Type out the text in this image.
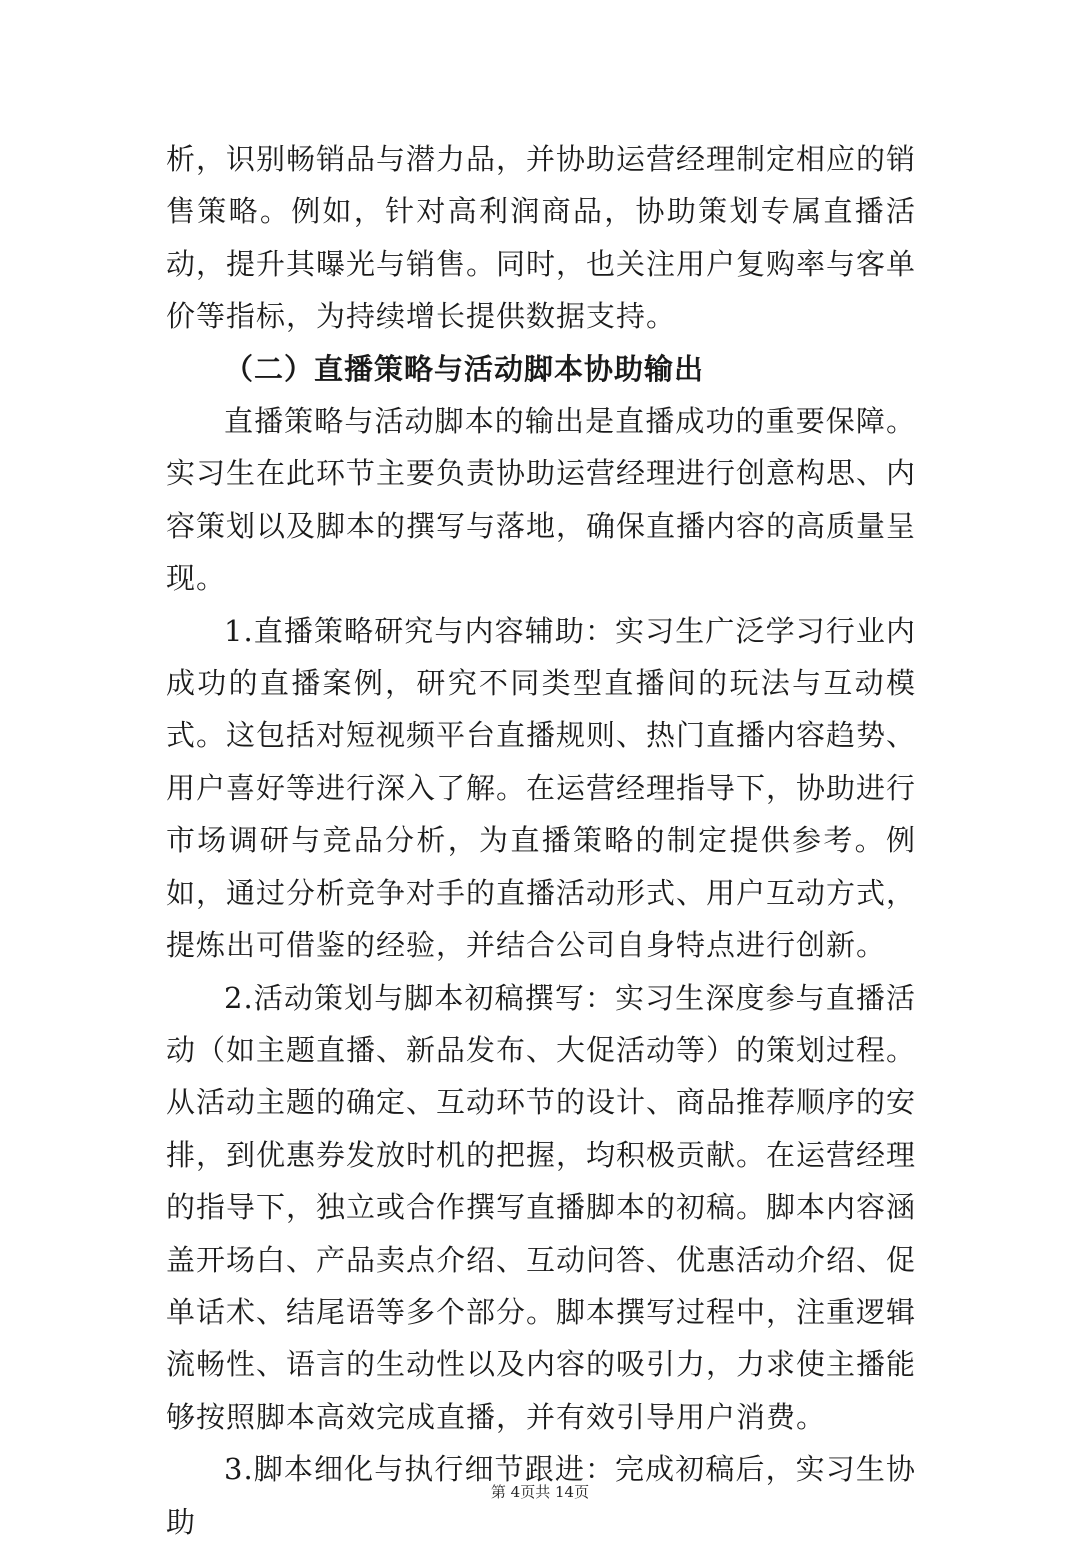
析，识别畅销品与潜力品，并协助运营经理制定相应的销售策略。例如，针对高利润商品，协助策划专属直播活动，提升其曝光与销售。同时，也关注用户复购率与客单价等指标，为持续增长提供数据支持。

（二）直播策略与活动脚本协助输出

直播策略与活动脚本的输出是直播成功的重要保障。实习生在此环节主要负责协助运营经理进行创意构思、内容策划以及脚本的撰写与落地，确保直播内容的高质量呈现。

1.直播策略研究与内容辅助：实习生广泛学习行业内成功的直播案例，研究不同类型直播间的玩法与互动模式。这包括对短视频平台直播规则、热门直播内容趋势、用户喜好等进行深入了解。在运营经理指导下，协助进行市场调研与竞品分析，为直播策略的制定提供参考。例如，通过分析竞争对手的直播活动形式、用户互动方式，提炼出可借鉴的经验，并结合公司自身特点进行创新。

2.活动策划与脚本初稿撰写：实习生深度参与直播活动（如主题直播、新品发布、大促活动等）的策划过程。从活动主题的确定、互动环节的设计、商品推荐顺序的安排，到优惠券发放时机的把握，均积极贡献。在运营经理的指导下，独立或合作撰写直播脚本的初稿。脚本内容涵盖开场白、产品卖点介绍、互动问答、优惠活动介绍、促单话术、结尾语等多个部分。脚本撰写过程中，注重逻辑流畅性、语言的生动性以及内容的吸引力，力求使主播能够按照脚本高效完成直播，并有效引导用户消费。

3.脚本细化与执行细节跟进：完成初稿后，实习生协助

第 4页共 14页
